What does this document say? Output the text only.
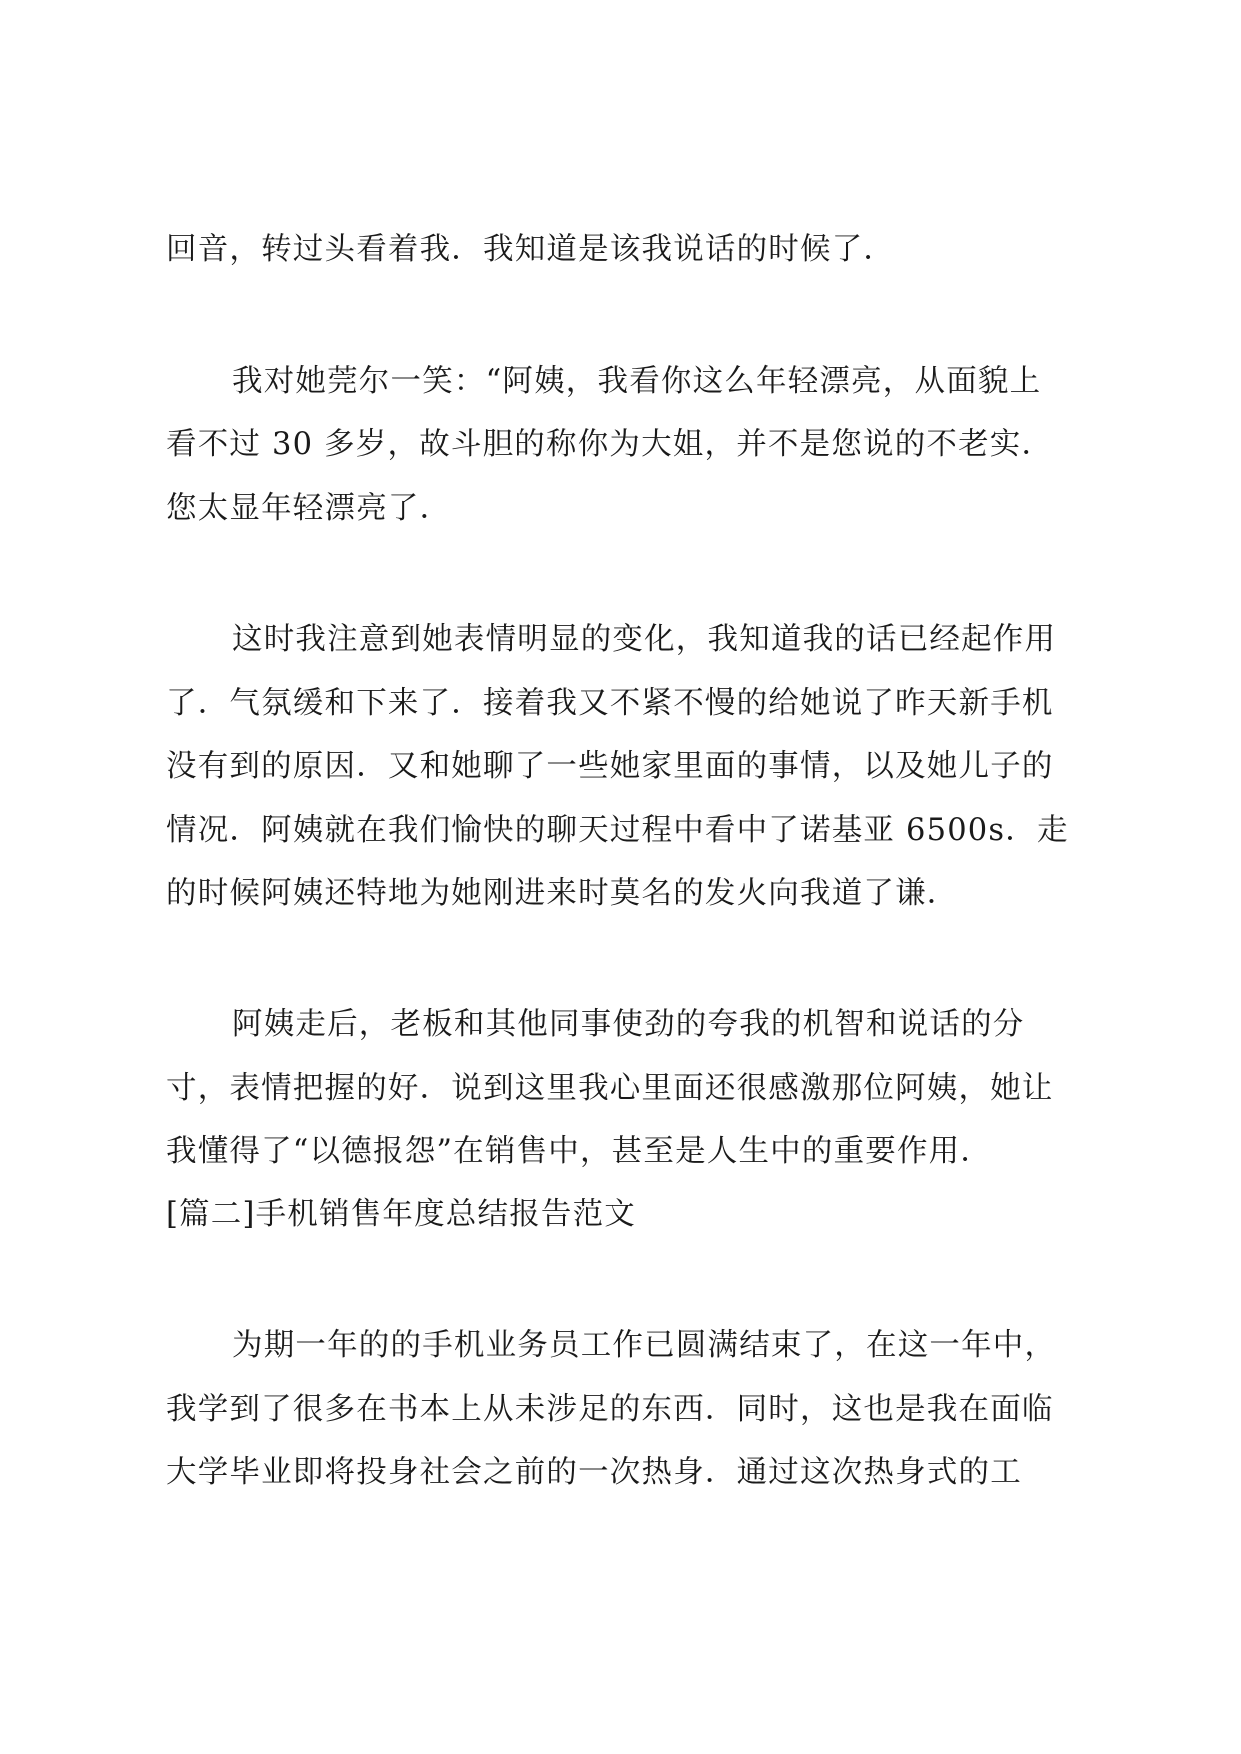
回音，转过头看着我．我知道是该我说话的时候了．
我对她莞尔一笑：“阿姨，我看你这么年轻漂亮，从面貌上
看不过 30 多岁，故斗胆的称你为大姐，并不是您说的不老实．
您太显年轻漂亮了．
这时我注意到她表情明显的变化，我知道我的话已经起作用
了．气氛缓和下来了．接着我又不紧不慢的给她说了昨天新手机
没有到的原因．又和她聊了一些她家里面的事情，以及她儿子的
情况．阿姨就在我们愉快的聊天过程中看中了诺基亚 6500s．走
的时候阿姨还特地为她刚进来时莫名的发火向我道了谦．
阿姨走后，老板和其他同事使劲的夸我的机智和说话的分
寸，表情把握的好．说到这里我心里面还很感激那位阿姨，她让
我懂得了“以德报怨”在销售中，甚至是人生中的重要作用．
[篇二]手机销售年度总结报告范文
为期一年的的手机业务员工作已圆满结束了，在这一年中，
我学到了很多在书本上从未涉足的东西．同时，这也是我在面临
大学毕业即将投身社会之前的一次热身．通过这次热身式的工
